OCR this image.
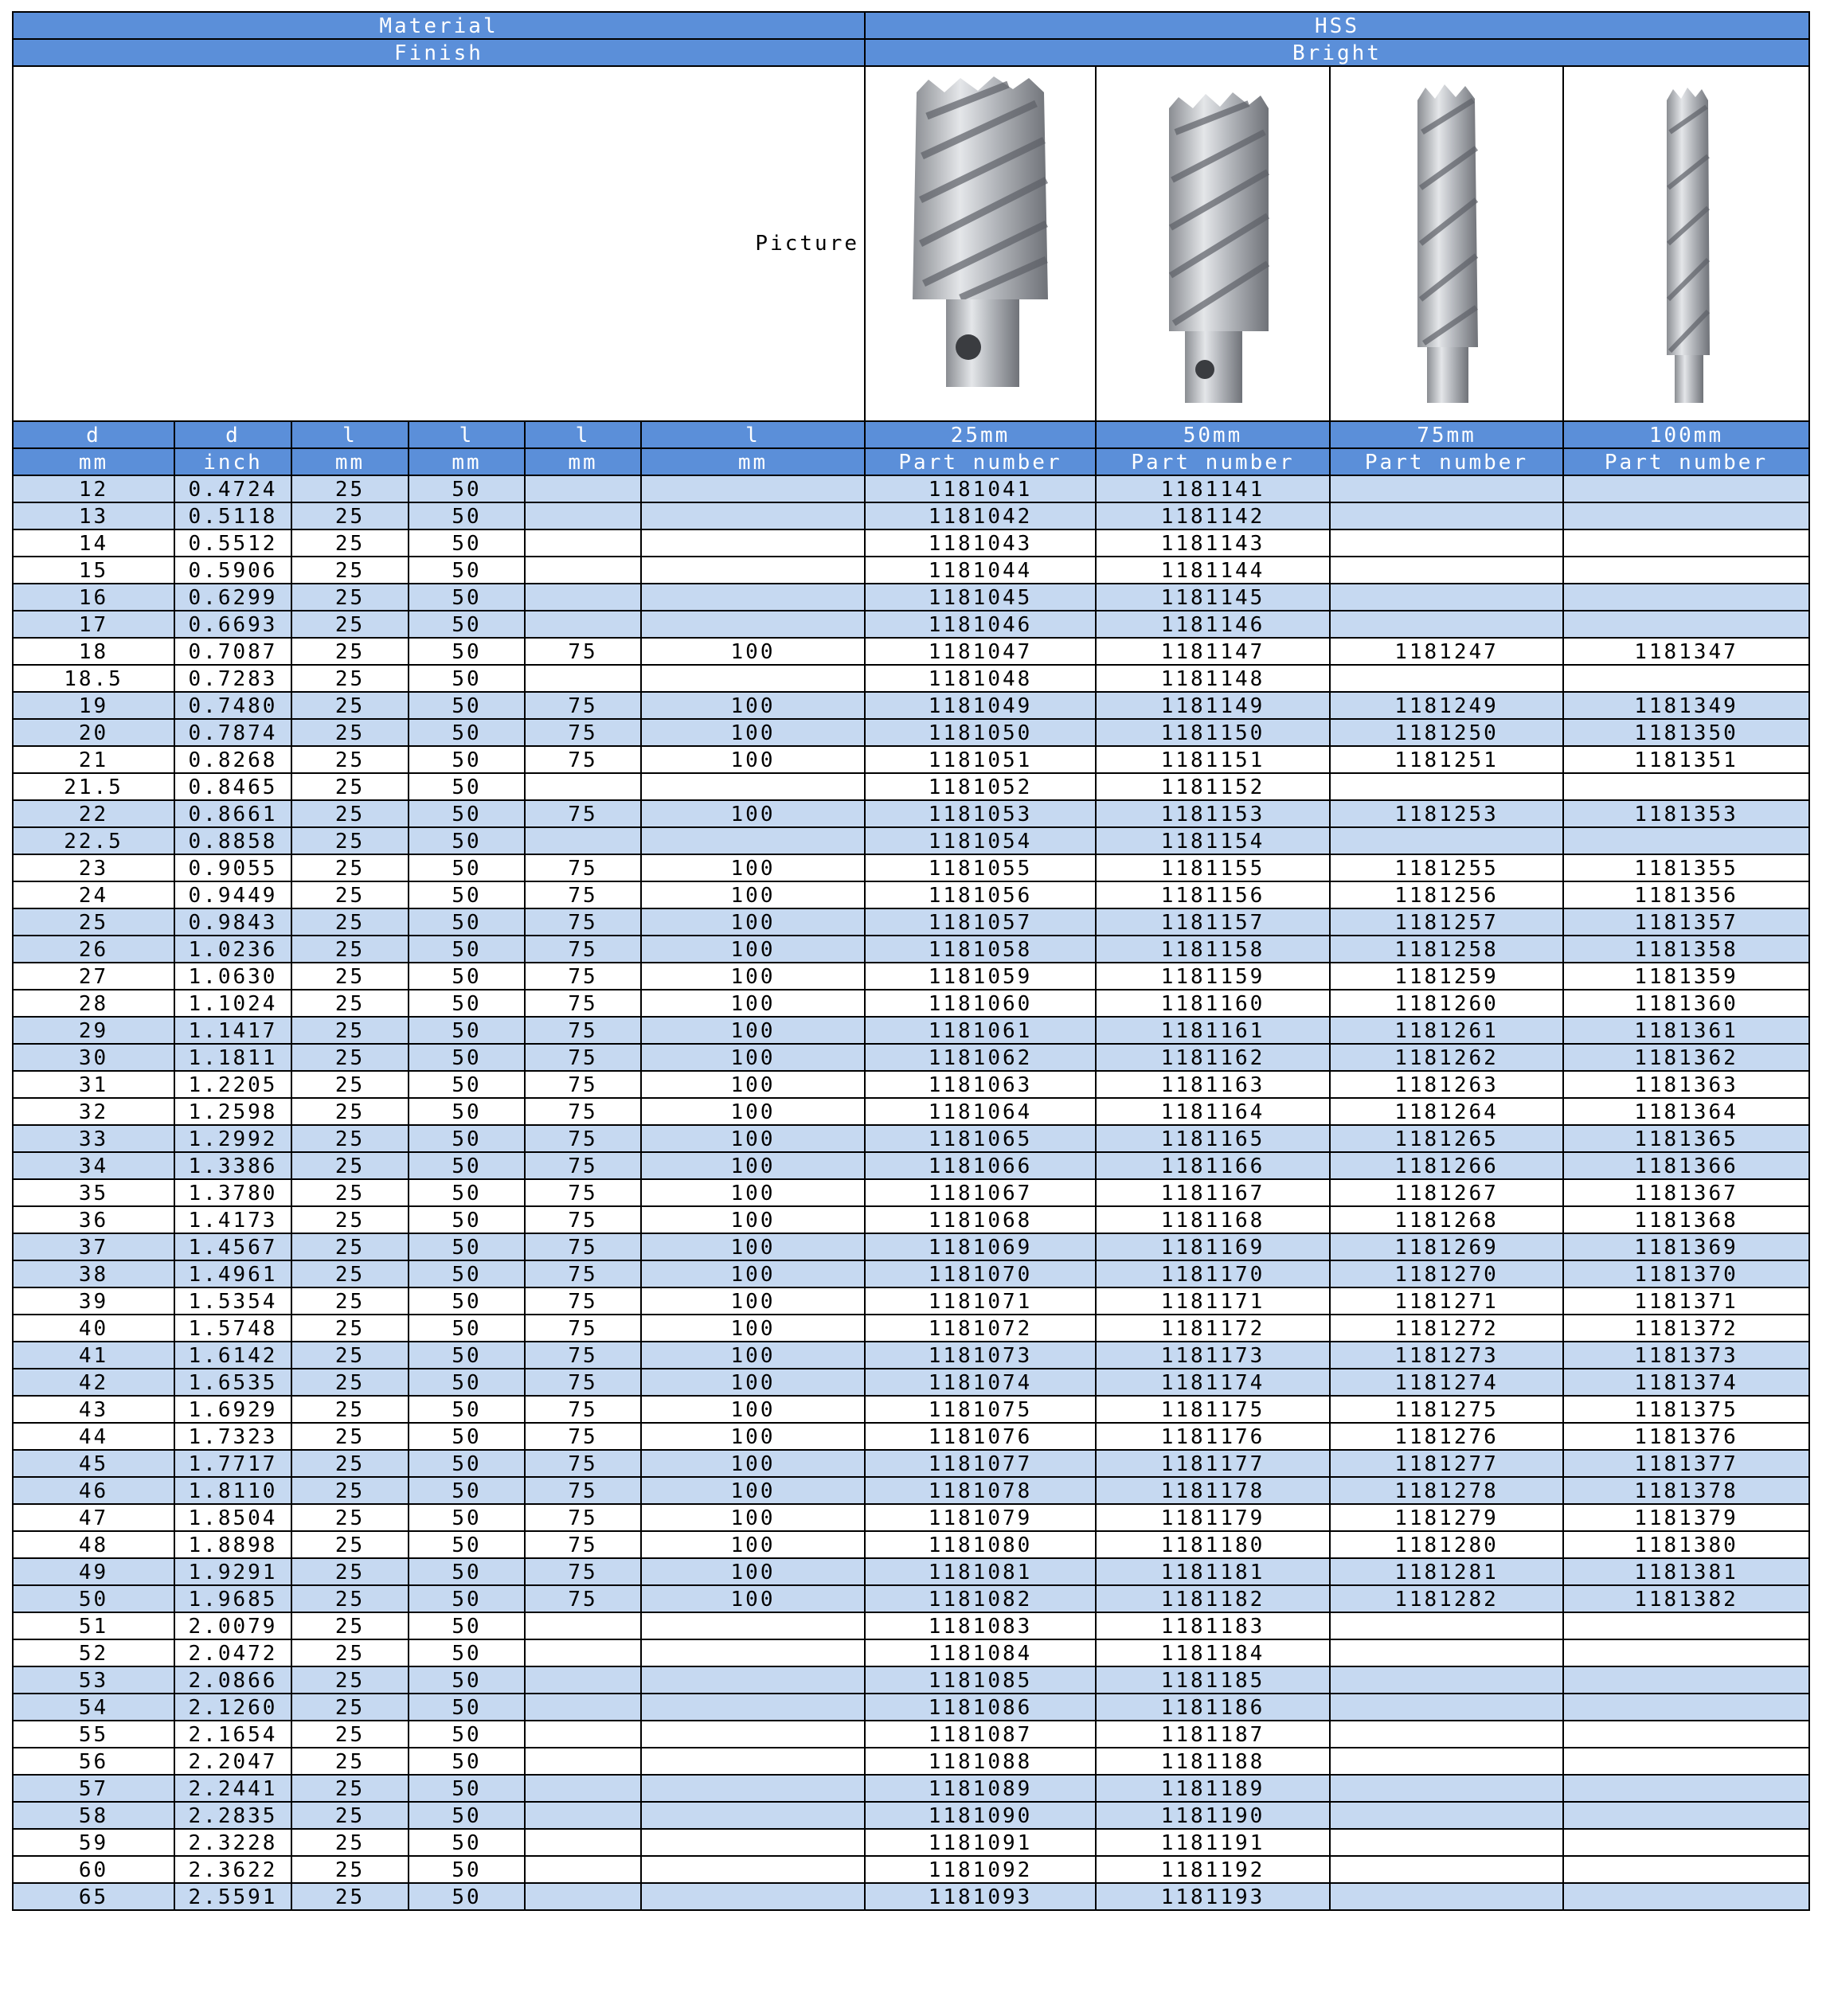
Material						HSS			
Finish						Bright			
Picture	

d	d	l	l	l	l	25mm	50mm	75mm	100mm
mm	inch	mm	mm	mm	mm	Part number	Part number	Part number	Part number
12	0.4724	25	50			1181041	1181141		
13	0.5118	25	50			1181042	1181142		
14	0.5512	25	50			1181043	1181143		
15	0.5906	25	50			1181044	1181144		
16	0.6299	25	50			1181045	1181145		
17	0.6693	25	50			1181046	1181146		
18	0.7087	25	50	75	100	1181047	1181147	1181247	1181347
18.5	0.7283	25	50			1181048	1181148		
19	0.7480	25	50	75	100	1181049	1181149	1181249	1181349
20	0.7874	25	50	75	100	1181050	1181150	1181250	1181350
21	0.8268	25	50	75	100	1181051	1181151	1181251	1181351
21.5	0.8465	25	50			1181052	1181152		
22	0.8661	25	50	75	100	1181053	1181153	1181253	1181353
22.5	0.8858	25	50			1181054	1181154		
23	0.9055	25	50	75	100	1181055	1181155	1181255	1181355
24	0.9449	25	50	75	100	1181056	1181156	1181256	1181356
25	0.9843	25	50	75	100	1181057	1181157	1181257	1181357
26	1.0236	25	50	75	100	1181058	1181158	1181258	1181358
27	1.0630	25	50	75	100	1181059	1181159	1181259	1181359
28	1.1024	25	50	75	100	1181060	1181160	1181260	1181360
29	1.1417	25	50	75	100	1181061	1181161	1181261	1181361
30	1.1811	25	50	75	100	1181062	1181162	1181262	1181362
31	1.2205	25	50	75	100	1181063	1181163	1181263	1181363
32	1.2598	25	50	75	100	1181064	1181164	1181264	1181364
33	1.2992	25	50	75	100	1181065	1181165	1181265	1181365
34	1.3386	25	50	75	100	1181066	1181166	1181266	1181366
35	1.3780	25	50	75	100	1181067	1181167	1181267	1181367
36	1.4173	25	50	75	100	1181068	1181168	1181268	1181368
37	1.4567	25	50	75	100	1181069	1181169	1181269	1181369
38	1.4961	25	50	75	100	1181070	1181170	1181270	1181370
39	1.5354	25	50	75	100	1181071	1181171	1181271	1181371
40	1.5748	25	50	75	100	1181072	1181172	1181272	1181372
41	1.6142	25	50	75	100	1181073	1181173	1181273	1181373
42	1.6535	25	50	75	100	1181074	1181174	1181274	1181374
43	1.6929	25	50	75	100	1181075	1181175	1181275	1181375
44	1.7323	25	50	75	100	1181076	1181176	1181276	1181376
45	1.7717	25	50	75	100	1181077	1181177	1181277	1181377
46	1.8110	25	50	75	100	1181078	1181178	1181278	1181378
47	1.8504	25	50	75	100	1181079	1181179	1181279	1181379
48	1.8898	25	50	75	100	1181080	1181180	1181280	1181380
49	1.9291	25	50	75	100	1181081	1181181	1181281	1181381
50	1.9685	25	50	75	100	1181082	1181182	1181282	1181382
51	2.0079	25	50			1181083	1181183		
52	2.0472	25	50			1181084	1181184		
53	2.0866	25	50			1181085	1181185		
54	2.1260	25	50			1181086	1181186		
55	2.1654	25	50			1181087	1181187		
56	2.2047	25	50			1181088	1181188		
57	2.2441	25	50			1181089	1181189		
58	2.2835	25	50			1181090	1181190		
59	2.3228	25	50			1181091	1181191		
60	2.3622	25	50			1181092	1181192		
65	2.5591	25	50			1181093	1181193		
